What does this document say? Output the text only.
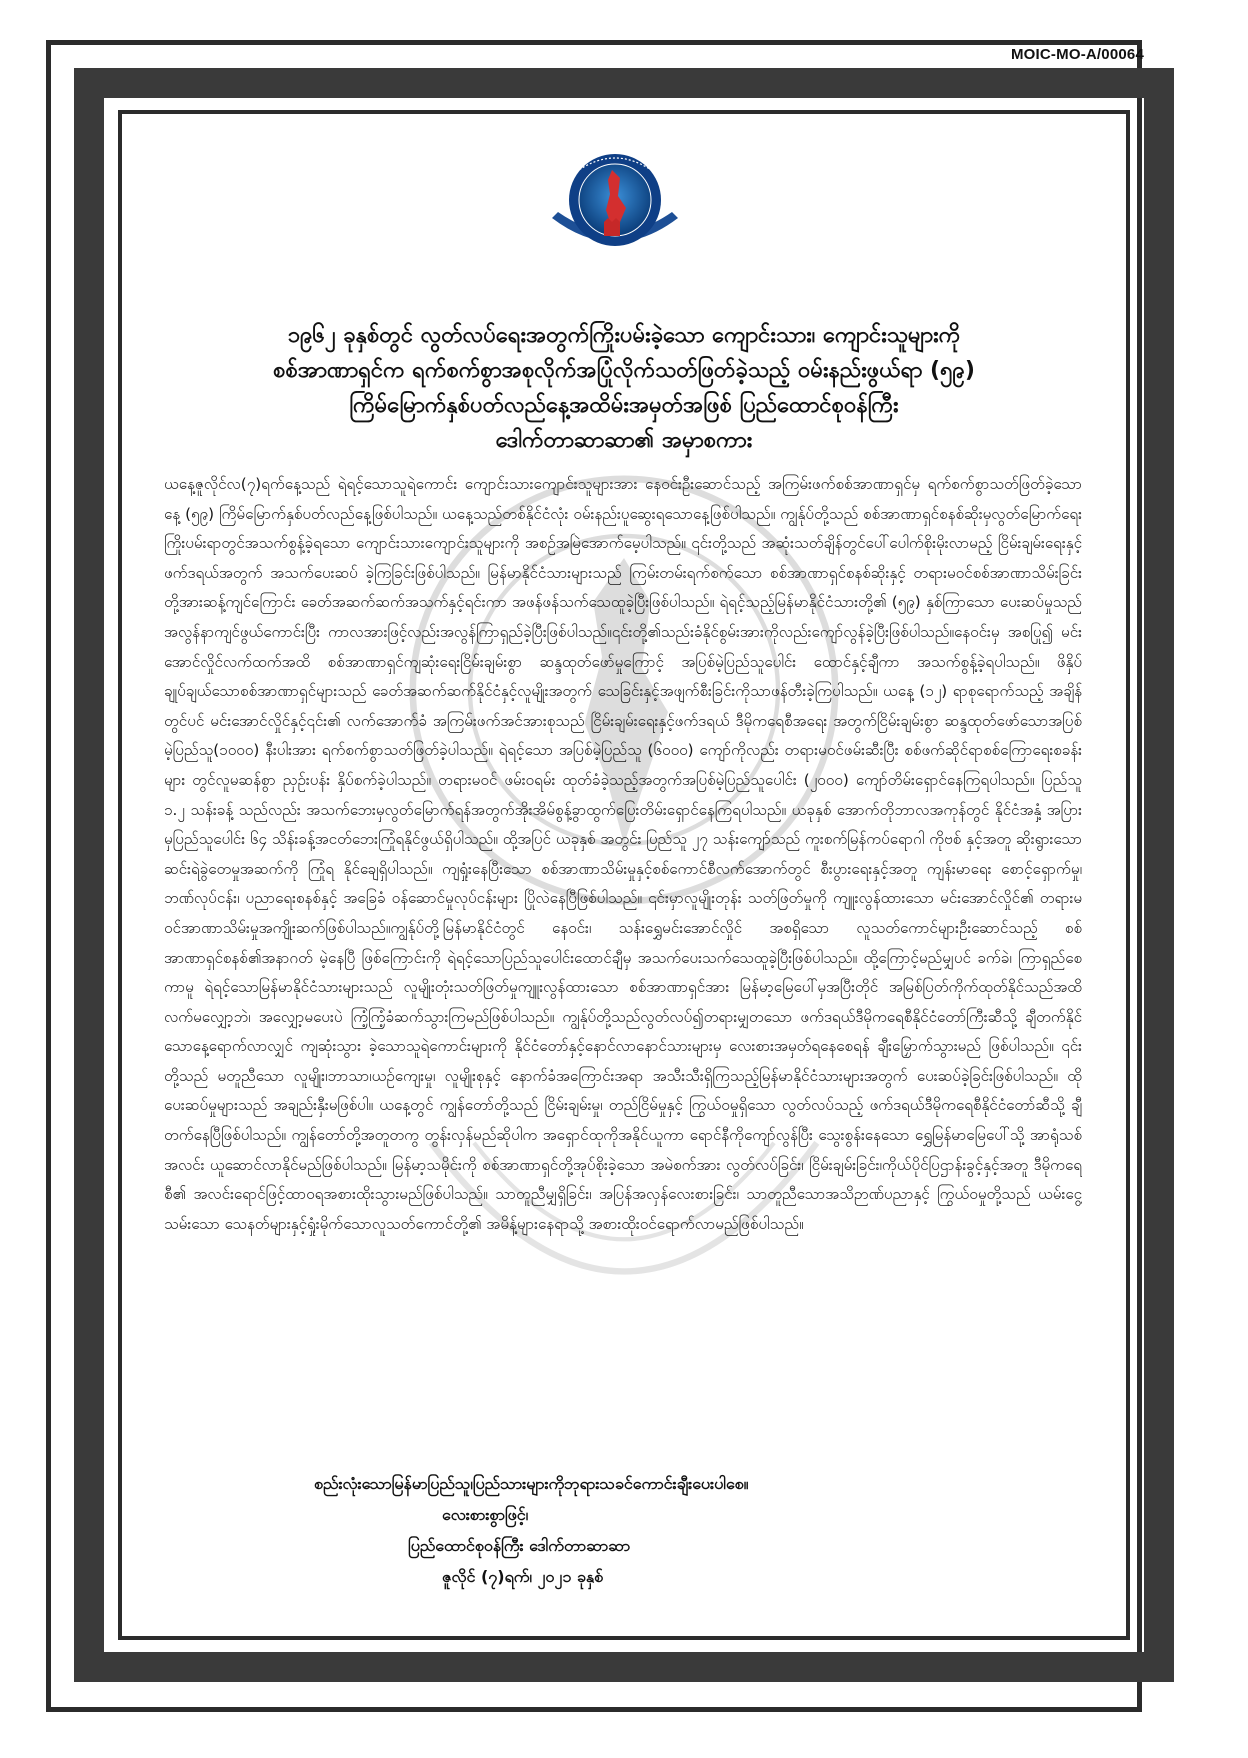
MOIC-MO-A/00064
၁၉၆၂ ခုနှစ်တွင် လွတ်လပ်ရေးအတွက်ကြိုးပမ်းခဲ့သော ကျောင်းသား၊ ကျောင်းသူများကို
စစ်အာဏာရှင်က ရက်စက်စွာအစုလိုက်အပြုံလိုက်သတ်ဖြတ်ခဲ့သည့် ဝမ်းနည်းဖွယ်ရာ (၅၉)
ကြိမ်မြောက်နှစ်ပတ်လည်နေ့အထိမ်းအမှတ်အဖြစ် ပြည်ထောင်စုဝန်ကြီး
ဒေါက်တာဆာဆာ၏ အမှာစကား
ယနေ့ဇူလိုင်လ(၇)ရက်နေ့သည် ရဲရင့်သောသူရဲကောင်း ကျောင်းသားကျောင်းသူများအား နေဝင်းဦးဆောင်သည့် အကြမ်းဖက်စစ်အာဏာရှင်မှ ရက်စက်စွာသတ်ဖြတ်ခဲ့သောနေ့ (၅၉) ကြိမ်မြောက်နှစ်ပတ်လည်နေ့ဖြစ်ပါသည်။ ယနေ့သည်တစ်နိုင်ငံလုံး ဝမ်းနည်းပူဆွေးရသောနေ့ဖြစ်ပါသည်။ ကျွန်ုပ်တို့သည် စစ်အာဏာရှင်စနစ်ဆိုးမှလွတ်မြောက်ရေးကြိုးပမ်းရာတွင်အသက်စွန့်ခဲ့ရသော ကျောင်းသားကျောင်းသူများကို အစဉ်အမြဲအောက်မေ့ပါသည်။ ၎င်းတို့သည် အဆုံးသတ်ချိန်တွင်ပေါ်ပေါက်စိုးမိုးလာမည့် ငြိမ်းချမ်းရေးနှင့်ဖက်ဒရယ်အတွက် အသက်ပေးဆပ် ခဲ့ကြခြင်းဖြစ်ပါသည်။ မြန်မာနိုင်ငံသားများသည် ကြမ်းတမ်းရက်စက်သော စစ်အာဏာရှင်စနစ်ဆိုးနှင့် တရားမဝင်စစ်အာဏာသိမ်းခြင်း တို့အားဆန့်ကျင်ကြောင်း ခေတ်အဆက်ဆက်အသက်နှင့်ရင်းကာ အဖန်ဖန်သက်သေထူခဲ့ပြီးဖြစ်ပါသည်။ ရဲရင့်သည့်မြန်မာနိုင်ငံသားတို့၏ (၅၉) နှစ်ကြာသော ပေးဆပ်မှုသည် အလွန်နာကျင်ဖွယ်ကောင်းပြီး ကာလအားဖြင့်လည်းအလွန်ကြာရှည်ခဲ့ပြီးဖြစ်ပါသည်။၎င်းတို့၏သည်းခံနိုင်စွမ်းအားကိုလည်းကျော်လွန်ခဲ့ပြီးဖြစ်ပါသည်။နေဝင်းမှ အစပြု၍ မင်းအောင်လှိုင်လက်ထက်အထိ စစ်အာဏာရှင်ကျဆုံးရေးငြိမ်းချမ်းစွာ ဆန္ဒထုတ်ဖော်မှုကြောင့် အပြစ်မဲ့ပြည်သူပေါင်း ထောင်နှင့်ချီကာ အသက်စွန့်ခဲ့ရပါသည်။ ဖိနှိပ်ချုပ်ချယ်သောစစ်အာဏာရှင်များသည် ခေတ်အဆက်ဆက်နိုင်ငံနှင့်လူမျိုးအတွက် သေခြင်းနှင့်အဖျက်စီးခြင်းကိုသာဖန်တီးခဲ့ကြပါသည်။ ယနေ့ (၁၂) ရာစုရောက်သည့် အချိန် တွင်ပင် မင်းအောင်လှိုင်နှင့်၎င်း၏ လက်အောက်ခံ အကြမ်းဖက်အင်အားစုသည် ငြိမ်းချမ်းရေးနှင့်ဖက်ဒရယ် ဒီမိုကရေစီအရေး အတွက်ငြိမ်းချမ်းစွာ ဆန္ဒထုတ်ဖော်သောအပြစ်မဲ့ပြည်သူ(၁၀၀၀) နီးပါးအား ရက်စက်စွာသတ်ဖြတ်ခဲ့ပါသည်။ ရဲရင့်သော အပြစ်မဲ့ပြည်သူ (၆၀၀၀) ကျော်ကိုလည်း တရားမဝင်ဖမ်းဆီးပြီး စစ်ဖက်ဆိုင်ရာစစ်ကြောရေးစခန်းများ တွင်လူမဆန်စွာ ညှဉ်းပန်း နှိပ်စက်ခဲ့ပါသည်။ တရားမဝင် ဖမ်းဝရမ်း ထုတ်ခံခဲ့သည့်အတွက်အပြစ်မဲ့ပြည်သူပေါင်း (၂၀၀၀) ကျော်တိမ်းရှောင်နေကြရပါသည်။ ပြည်သူ ၁.၂ သန်းခန့် သည်လည်း အသက်ဘေးမှလွတ်မြောက်ရန်အတွက်အိုးအိမ်စွန့်ခွာထွက်ပြေးတိမ်းရှောင်နေကြရပါသည်။ ယခုနှစ် အောက်တိုဘာလအကုန်တွင် နိုင်ငံအနှံ့ အပြားမှပြည်သူပေါင်း ၆၄ သိန်းခန့်အငတ်ဘေးကြုံရနိုင်ဖွယ်ရှိပါသည်။ ထို့အပြင် ယခုနှစ် အတွင်း ပြည်သူ ၂၇ သန်းကျော်သည် ကူးစက်မြန်ကပ်ရောဂါ ကိုဗစ် နှင့်အတူ ဆိုးရွားသောဆင်းရဲခွဲတေမှုအဆက်ကို ကြုံရ နိုင်ချေရှိပါသည်။ ကျရှုံးနေပြီးသော စစ်အာဏာသိမ်းမှုနှင့်စစ်ကောင်စီလက်အောက်တွင် စီးပွားရေးနှင့်အတူ ကျန်းမာရေး စောင့်ရှောက်မှု၊ ဘဏ်လုပ်ငန်း၊ ပညာရေးစနစ်နှင့် အခြေခံ ဝန်ဆောင်မှုလုပ်ငန်းများ ပြိုလဲနေပြီဖြစ်ပါသည်။ ၎င်းမှာလူမျိုးတုန်း သတ်ဖြတ်မှုကို ကျူးလွန်ထားသော မင်းအောင်လှိုင်၏ တရားမဝင်အာဏာသိမ်းမှုအကျိုးဆက်ဖြစ်ပါသည်။ကျွန်ုပ်တို့မြန်မာနိုင်ငံတွင် နေဝင်း၊ သန်းရွှေမင်းအောင်လှိုင် အစရှိသော လူသတ်ကောင်များဦးဆောင်သည့် စစ်အာဏာရှင်စနစ်၏အနာဂတ် မဲ့နေပြီ ဖြစ်ကြောင်းကို ရဲရင့်သောပြည်သူပေါင်းထောင်ချီမှ အသက်ပေးသက်သေထူခဲ့ပြီးဖြစ်ပါသည်။ ထို့ကြောင့်မည်မျှပင် ခက်ခဲ၊ ကြာရှည်စေကာမူ ရဲရင့်သောမြန်မာနိုင်ငံသားများသည် လူမျိုးတုံးသတ်ဖြတ်မှုကျူးလွန်ထားသော စစ်အာဏာရှင်အား မြန်မာ့မြေပေါ်မှအပြီးတိုင် အမြစ်ပြတ်ကိုက်ထုတ်နိုင်သည်အထိလက်မလျှော့ဘဲ၊ အလျှော့မပေးပဲ ကြံ့ကြံ့ခံဆက်သွားကြမည်ဖြစ်ပါသည်။ ကျွန်ုပ်တို့သည်လွတ်လပ်၍တရားမျှတသော ဖက်ဒရယ်ဒီမိုကရေစီနိုင်ငံတော်ကြီးဆီသို့ ချီတက်နိုင်သောနေ့ရောက်လာလျှင် ကျဆုံးသွား ခဲ့သောသူရဲကောင်းများကို နိုင်ငံတော်နှင့်နောင်လာနောင်သားများမှ လေးစားအမှတ်ရနေစေရန် ချီးမြှောက်သွားမည် ဖြစ်ပါသည်။ ၎င်းတို့သည် မတူညီသော လူမျိုး၊ဘာသာ၊ယဉ်ကျေးမှု၊ လူမျိုးစုနှင့် နောက်ခံအကြောင်းအရာ အသီးသီးရှိကြသည့်မြန်မာနိုင်ငံသားများအတွက် ပေးဆပ်ခဲ့ခြင်းဖြစ်ပါသည်။ ထိုပေးဆပ်မှုများသည် အချည်းနှီးမဖြစ်ပါ။ ယနေ့တွင် ကျွန်တော်တို့သည် ငြိမ်းချမ်းမှု၊ တည်ငြိမ်မှုနှင့် ကြွယ်ဝမှုရှိသော လွတ်လပ်သည့် ဖက်ဒရယ်ဒီမိုကရေစီနိုင်ငံတော်ဆီသို့ ချီတက်နေပြီဖြစ်ပါသည်။ ကျွန်တော်တို့အတူတကွ တွန်းလှန်မည်ဆိုပါက အရှောင်ထုကိုအနိုင်ယူကာ ရောင်နီကိုကျော်လွန်ပြီး သွေးစွန်းနေသော ရွှေမြန်မာမြေပေါ်သို့ အာရုံသစ်အလင်း ယူဆောင်လာနိုင်မည်ဖြစ်ပါသည်။ မြန်မာ့သမိုင်းကို စစ်အာဏာရှင်တို့အုပ်စိုးခဲ့သော အမဲစက်အား လွတ်လပ်ခြင်း၊ ငြိမ်းချမ်းခြင်း၊ကိုယ်ပိုင်ပြဌာန်းခွင့်နှင့်အတူ ဒီမိုကရေစီ၏ အလင်းရောင်ဖြင့်ထာဝရအစားထိုးသွားမည်ဖြစ်ပါသည်။ သာတူညီမျှရှိခြင်း၊ အပြန်အလှန်လေးစားခြင်း၊ သာတူညီသောအသိဉာဏ်ပညာနှင့် ကြွယ်ဝမှုတို့သည် ယမ်းငွေ့သမ်းသော သေနတ်များနှင့်ရှုံးမိုက်သောလူသတ်ကောင်တို့၏ အမိန့်များနေရာသို့ အစားထိုးဝင်ရောက်လာမည်ဖြစ်ပါသည်။
စည်းလုံးသောမြန်မာပြည်သူ၊ပြည်သားများကိုဘုရားသခင်ကောင်းချီးပေးပါစေ။
လေးစားစွာဖြင့်၊
ပြည်ထောင်စုဝန်ကြီး ဒေါက်တာဆာဆာ
ဇူလိုင် (၇)ရက်၊ ၂၀၂၁ ခုနှစ်
